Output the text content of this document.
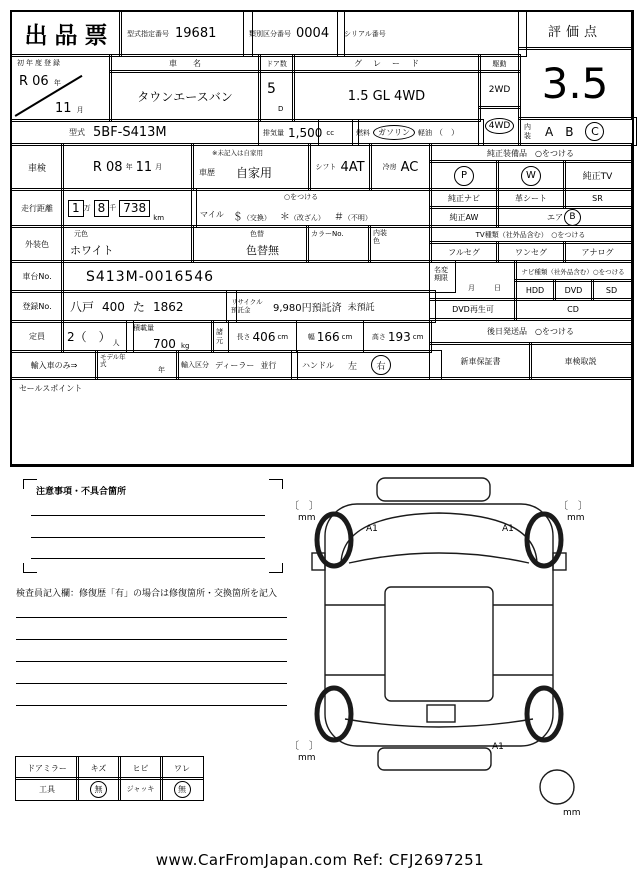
出品票 型式指定番号 19681	類別区分番号 0004 シリアル番号	評価点
3.5
内装 A B	C
初年度登録
R 06 年
11 月
車名
タウンエースバン
ドア数
5
D
グレード
1.5 GL 4WD
駆動
2WD
4WD
型式 5BF-S413M	排気量 1,500 cc	燃料	ガソリン	軽油 （　）
車検	R 08 年 11 月
※未記入は自家用
車歴 自家用	シフト 4AT	冷房 AC
走行距離	1 万 8 千 738
km
○をつける
マイル ＄（交換） ＊（改ざん） ＃（不明）
外装色
元色
ホワイト
色替
色替無
カラーNo.	内装色
車台No. S413M-0016546
登録No. 八戸 400 た 1862	リサイクル預託金	9,980円預託済 未預託
定員 2（　） 人
積載量
700 kg
諸元 長さ 406 cm	幅 166 cm	高さ 193 cm
輸入車のみ⇒
モデル年式
年
輸入区分 ディーラー 並行	ハンドル 左	右
セールスポイント
純正装備品　○をつける
P	W	純正TV
純正ナビ	革シート	SR
純正AW	エア B
TV種類（社外品含む）　○をつける
フルセグ	ワンセグ	アナログ
名変期限
月	日
ナビ種類（社外品含む）○をつける
HDD	DVD	SD
DVD再生可	CD
後日発送品　○をつける
新車保証書	車検取説
注意事項・不具合箇所
検査員記入欄：修復歴「有」の場合は修復箇所・交換箇所を記入
〔　〕
mm
〔　〕
mm
A1	A1
〔　〕
mm
A1
mm
ドアミラー	キズ	ヒビ	ワレ
工具	無	ジャッキ	無
www.CarFromJapan.com Ref: CFJ2697251
